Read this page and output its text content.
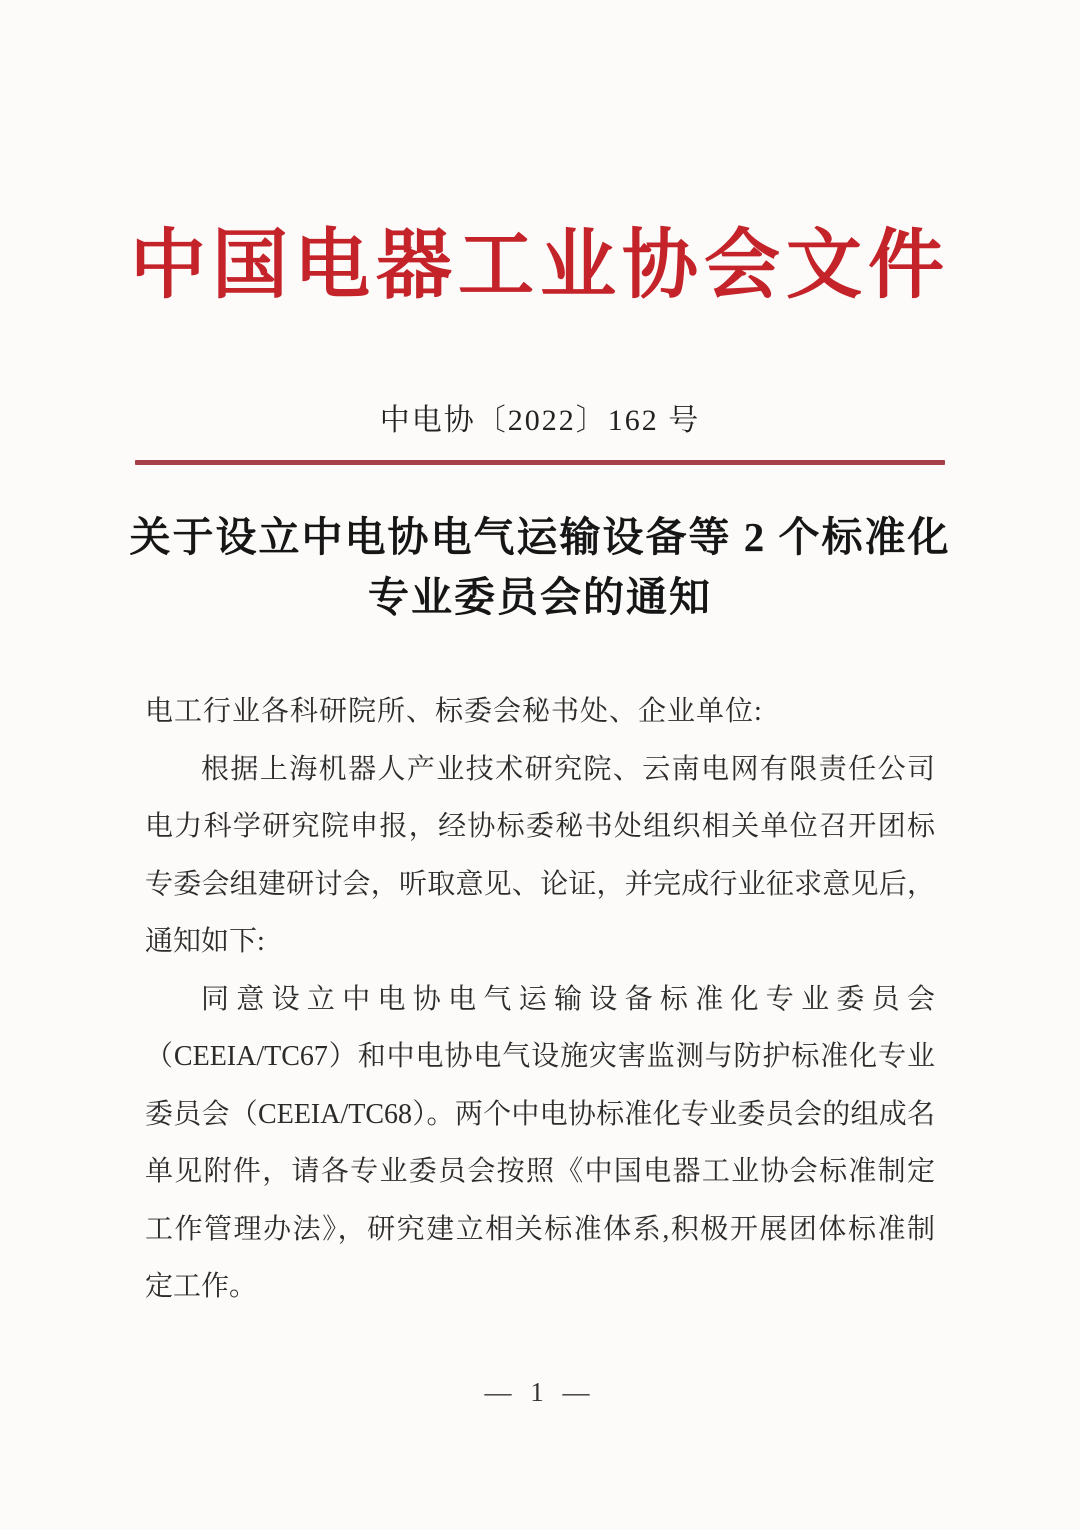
中国电器工业协会文件
中电协〔2022〕162 号
关于设立中电协电气运输设备等 2 个标准化
专业委员会的通知
电工行业各科研院所、标委会秘书处、企业单位:
根据上海机器人产业技术研究院、云南电网有限责任公司
电力科学研究院申报，经协标委秘书处组织相关单位召开团标
专委会组建研讨会，听取意见、论证，并完成行业征求意见后，
通知如下:
同意设立中电协电气运输设备标准化专业委员会
（CEEIA/TC67）和中电协电气设施灾害监测与防护标准化专业
委员会（CEEIA/TC68）。两个中电协标准化专业委员会的组成名
单见附件，请各专业委员会按照《中国电器工业协会标准制定
工作管理办法》，研究建立相关标准体系,积极开展团体标准制
定工作。
— 1 —
